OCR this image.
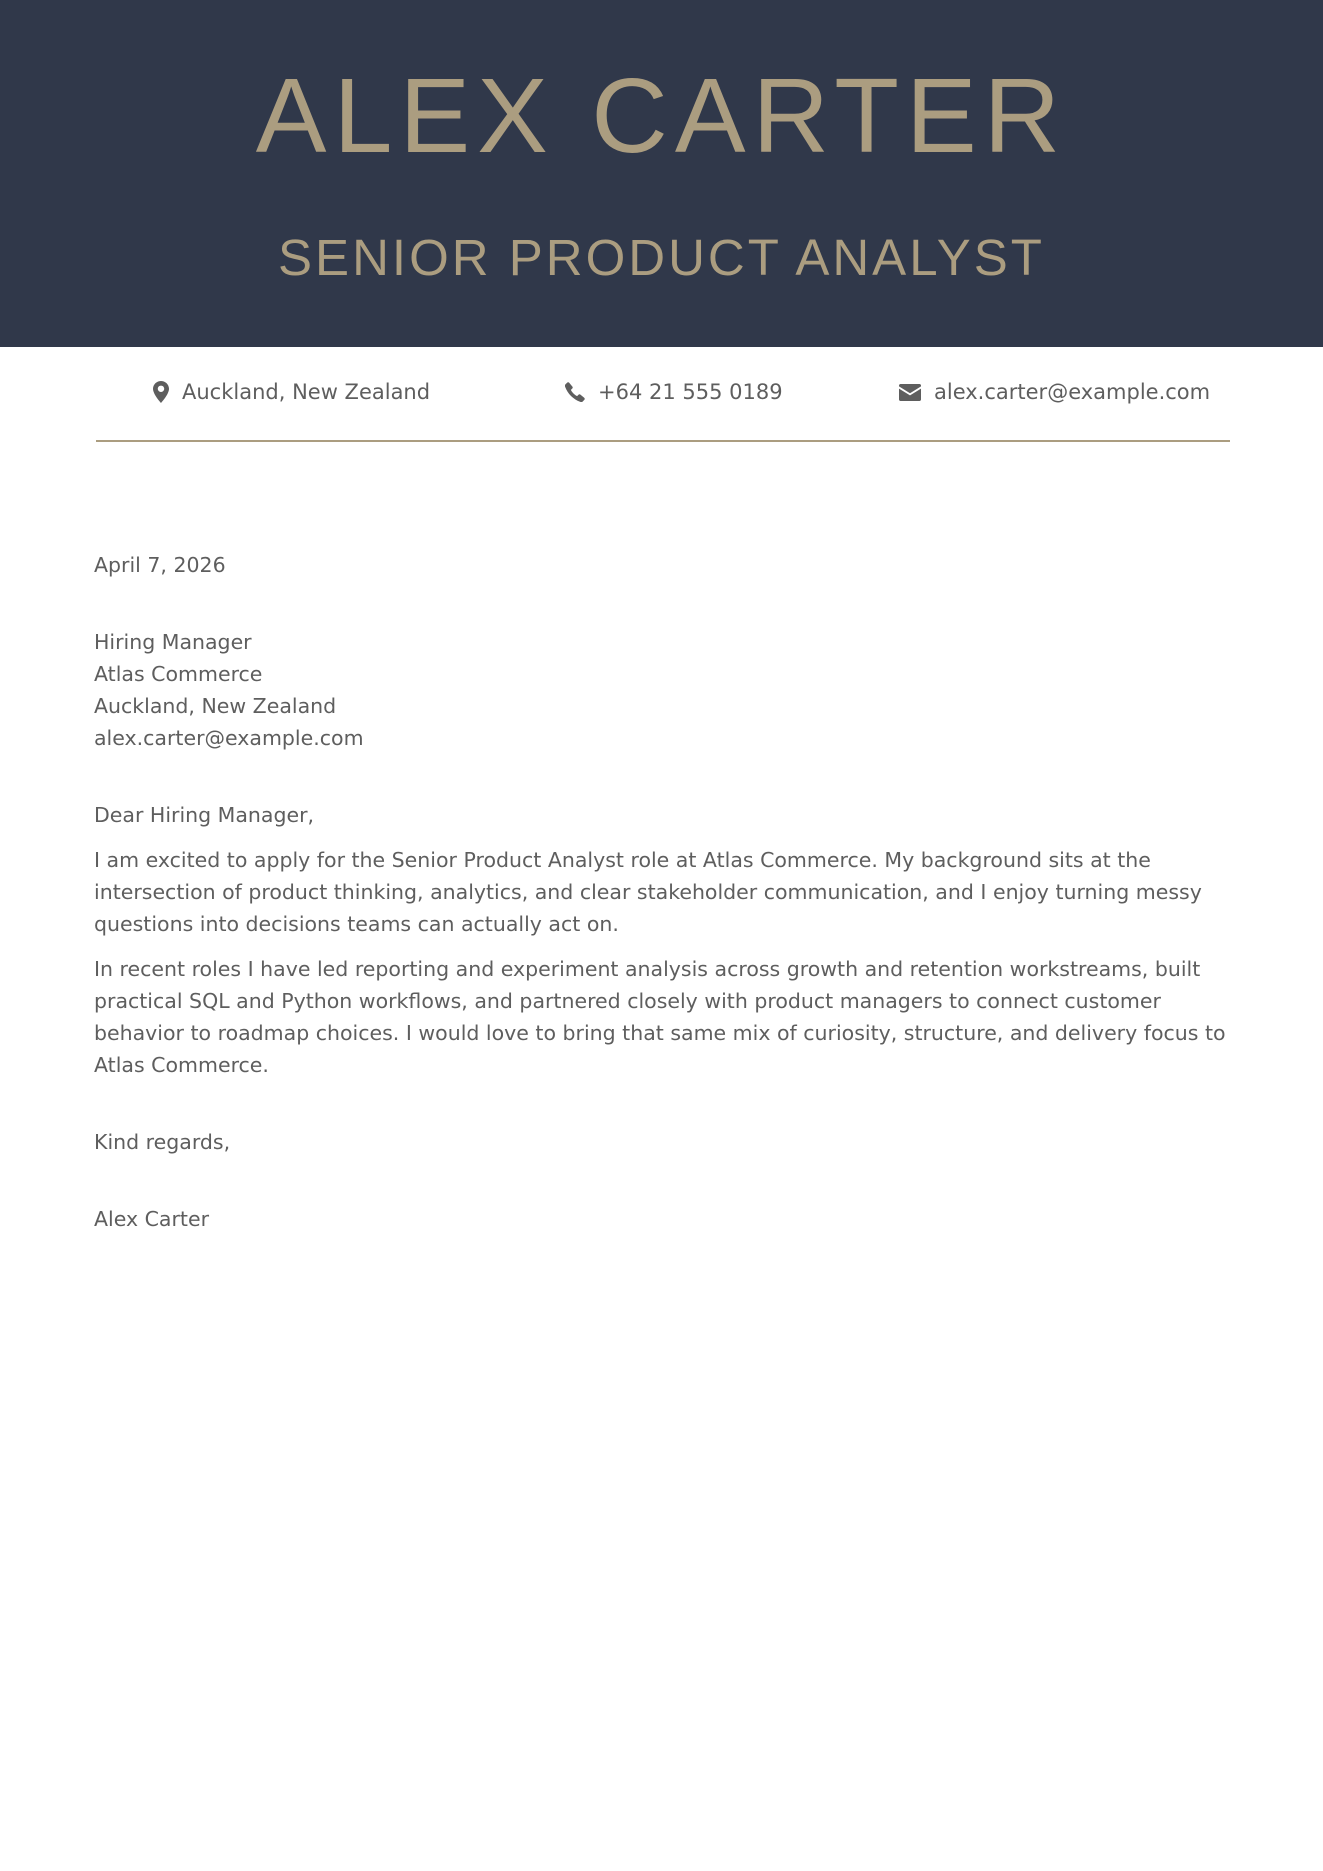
ALEX CARTER
SENIOR PRODUCT ANALYST
Auckland, New Zealand	+64 21 555 0189	alex.carter@example.com

April 7, 2026

Hiring Manager
Atlas Commerce
Auckland, New Zealand
alex.carter@example.com

Dear Hiring Manager,

I am excited to apply for the Senior Product Analyst role at Atlas Commerce. My background sits at the intersection of product thinking, analytics, and clear stakeholder communication, and I enjoy turning messy questions into decisions teams can actually act on.

In recent roles I have led reporting and experiment analysis across growth and retention workstreams, built practical SQL and Python workflows, and partnered closely with product managers to connect customer behavior to roadmap choices. I would love to bring that same mix of curiosity, structure, and delivery focus to Atlas Commerce.

Kind regards,

Alex Carter
